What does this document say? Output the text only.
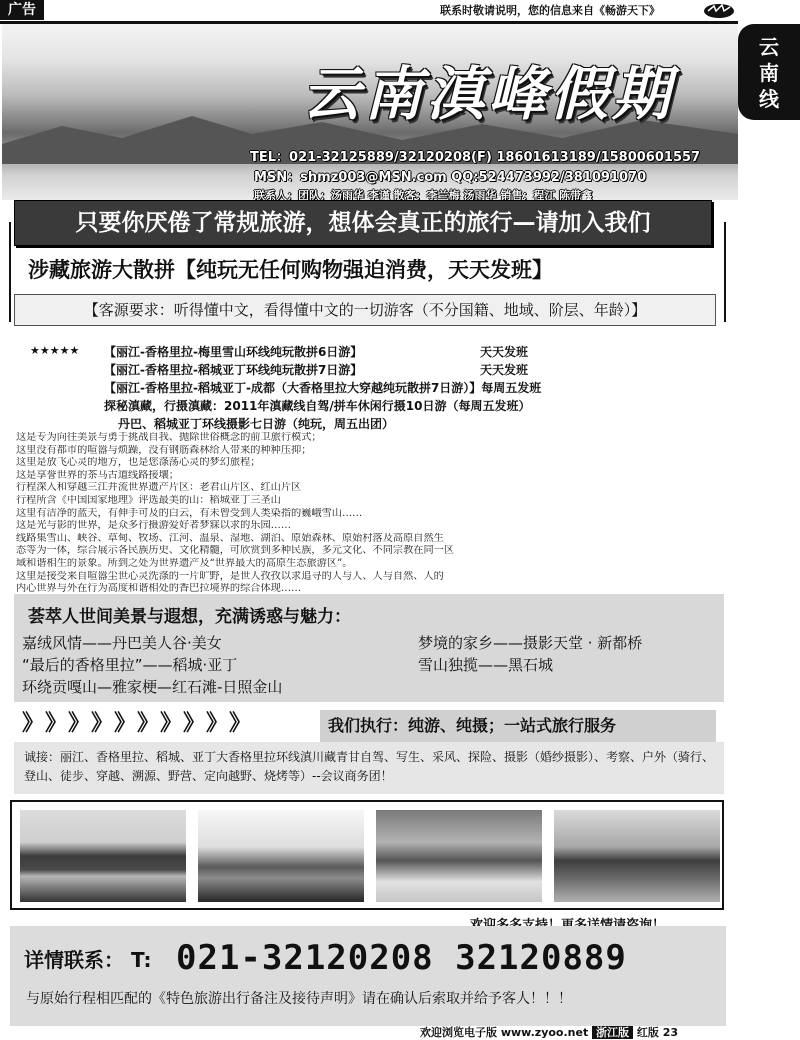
广告	联系时敬请说明，您的信息来自《畅游天下》
云
南
线
云南滇峰假期
TEL：021-32125889/32120208(F) 18601613189/15800601557
MSN：shmz003@MSN.com QQ:524473992/381091070
联系人：团队：汤雨华 李谨 散客：李兰梅 汤雨华 销售：程江 陈带鑫
只要你厌倦了常规旅游，想体会真正的旅行—请加入我们
涉藏旅游大散拼【纯玩无任何购物强迫消费，天天发班】
【客源要求：听得懂中文，看得懂中文的一切游客（不分国籍、地域、阶层、年龄）】
★★★★★ 【丽江-香格里拉-梅里雪山环线纯玩散拼6日游】	天天发班
【丽江-香格里拉-稻城亚丁环线纯玩散拼7日游】	天天发班
【丽江-香格里拉-稻城亚丁-成都（大香格里拉大穿越纯玩散拼7日游）】每周五发班
探秘滇藏，行摄滇藏：2011年滇藏线自驾/拼车休闲行摄10日游（每周五发班）
丹巴、稻城亚丁环线摄影七日游（纯玩，周五出团）
这是专为向往美景与勇于挑战自我、抛除世俗概念的前卫旅行模式；
这里没有都市的喧嚣与烦躁，没有钢筋森林给人带来的种种压抑；
这里是放飞心灵的地方，也是您涤荡心灵的梦幻旅程；
这是享誉世界的茶马古道线路接壤；
行程深入和穿越三江并流世界遗产片区：老君山片区、红山片区
行程所含《中国国家地理》评选最美的山：稻城亚丁三圣山
这里有洁净的蓝天，有伸手可及的白云，有未曾受到人类染指的巍峨雪山……
这是光与影的世界，是众多行摄游爱好者梦寐以求的乐园……
线路集雪山、峡谷、草甸、牧场、江河、温泉、湿地、湖泊、原始森林、原始村落及高原自然生
态等为一体，综合展示各民族历史、文化精髓，可欣赏到多种民族，多元文化、不同宗教在同一区
域和谐相生的景象。所到之处为世界遗产及“世界最大的高原生态旅游区”。
这里是接受来自喧嚣尘世心灵洗涤的一片旷野，是世人孜孜以求追寻的人与人、人与自然、人的
内心世界与外在行为高度和谐相处的香巴拉境界的综合体现……
荟萃人世间美景与遐想，充满诱惑与魅力：
嘉绒风情——丹巴美人谷·美女
“最后的香格里拉”——稻城·亚丁
环绕贡嘎山—雅家梗—红石滩-日照金山
梦境的家乡——摄影天堂 · 新都桥
雪山独揽——黑石城
》》》》》》》》》》	我们执行：纯游、纯摄；一站式旅行服务
诚接：丽江、香格里拉、稻城、亚丁大香格里拉环线滇川藏青甘自驾、写生、采风、探险、摄影（婚纱摄影）、考察、户外（骑行、登山、徒步、穿越、溯源、野营、定向越野、烧烤等）--会议商务团！
详情联系： T: 021-32120208 32120889
与原始行程相匹配的《特色旅游出行备注及接待声明》请在确认后索取并给予客人！！！
欢迎浏览电子版 www.zyoo.net 浙江版 红版 23
